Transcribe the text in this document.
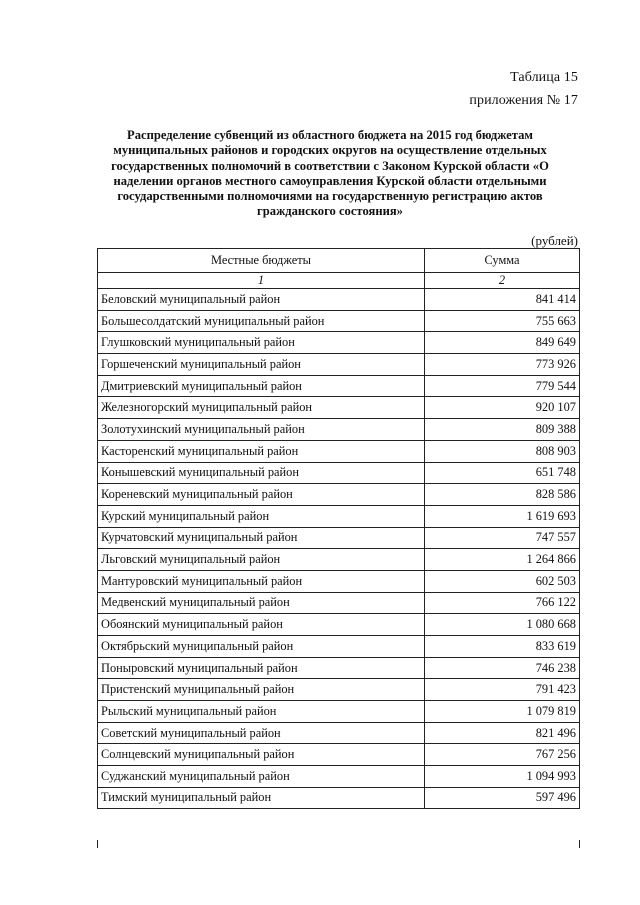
Таблица 15
приложения № 17
Распределение субвенций из областного бюджета на 2015 год бюджетам муниципальных районов и городских округов на осуществление отдельных государственных полномочий в соответствии с Законом Курской области «О наделении органов местного самоуправления Курской области отдельными государственными полномочиями на государственную регистрацию актов гражданского состояния»
(рублей)
Местные бюджеты	Сумма
1	2
Беловский муниципальный район	841 414
Большесолдатский муниципальный район	755 663
Глушковский муниципальный район	849 649
Горшеченский муниципальный район	773 926
Дмитриевский муниципальный район	779 544
Железногорский муниципальный район	920 107
Золотухинский муниципальный район	809 388
Касторенский муниципальный район	808 903
Конышевский муниципальный район	651 748
Кореневский муниципальный район	828 586
Курский муниципальный район	1 619 693
Курчатовский муниципальный район	747 557
Льговский муниципальный район	1 264 866
Мантуровский муниципальный район	602 503
Медвенский муниципальный район	766 122
Обоянский муниципальный район	1 080 668
Октябрьский муниципальный район	833 619
Поныровский муниципальный район	746 238
Пристенский муниципальный район	791 423
Рыльский муниципальный район	1 079 819
Советский муниципальный район	821 496
Солнцевский муниципальный район	767 256
Суджанский муниципальный район	1 094 993
Тимский муниципальный район	597 496
